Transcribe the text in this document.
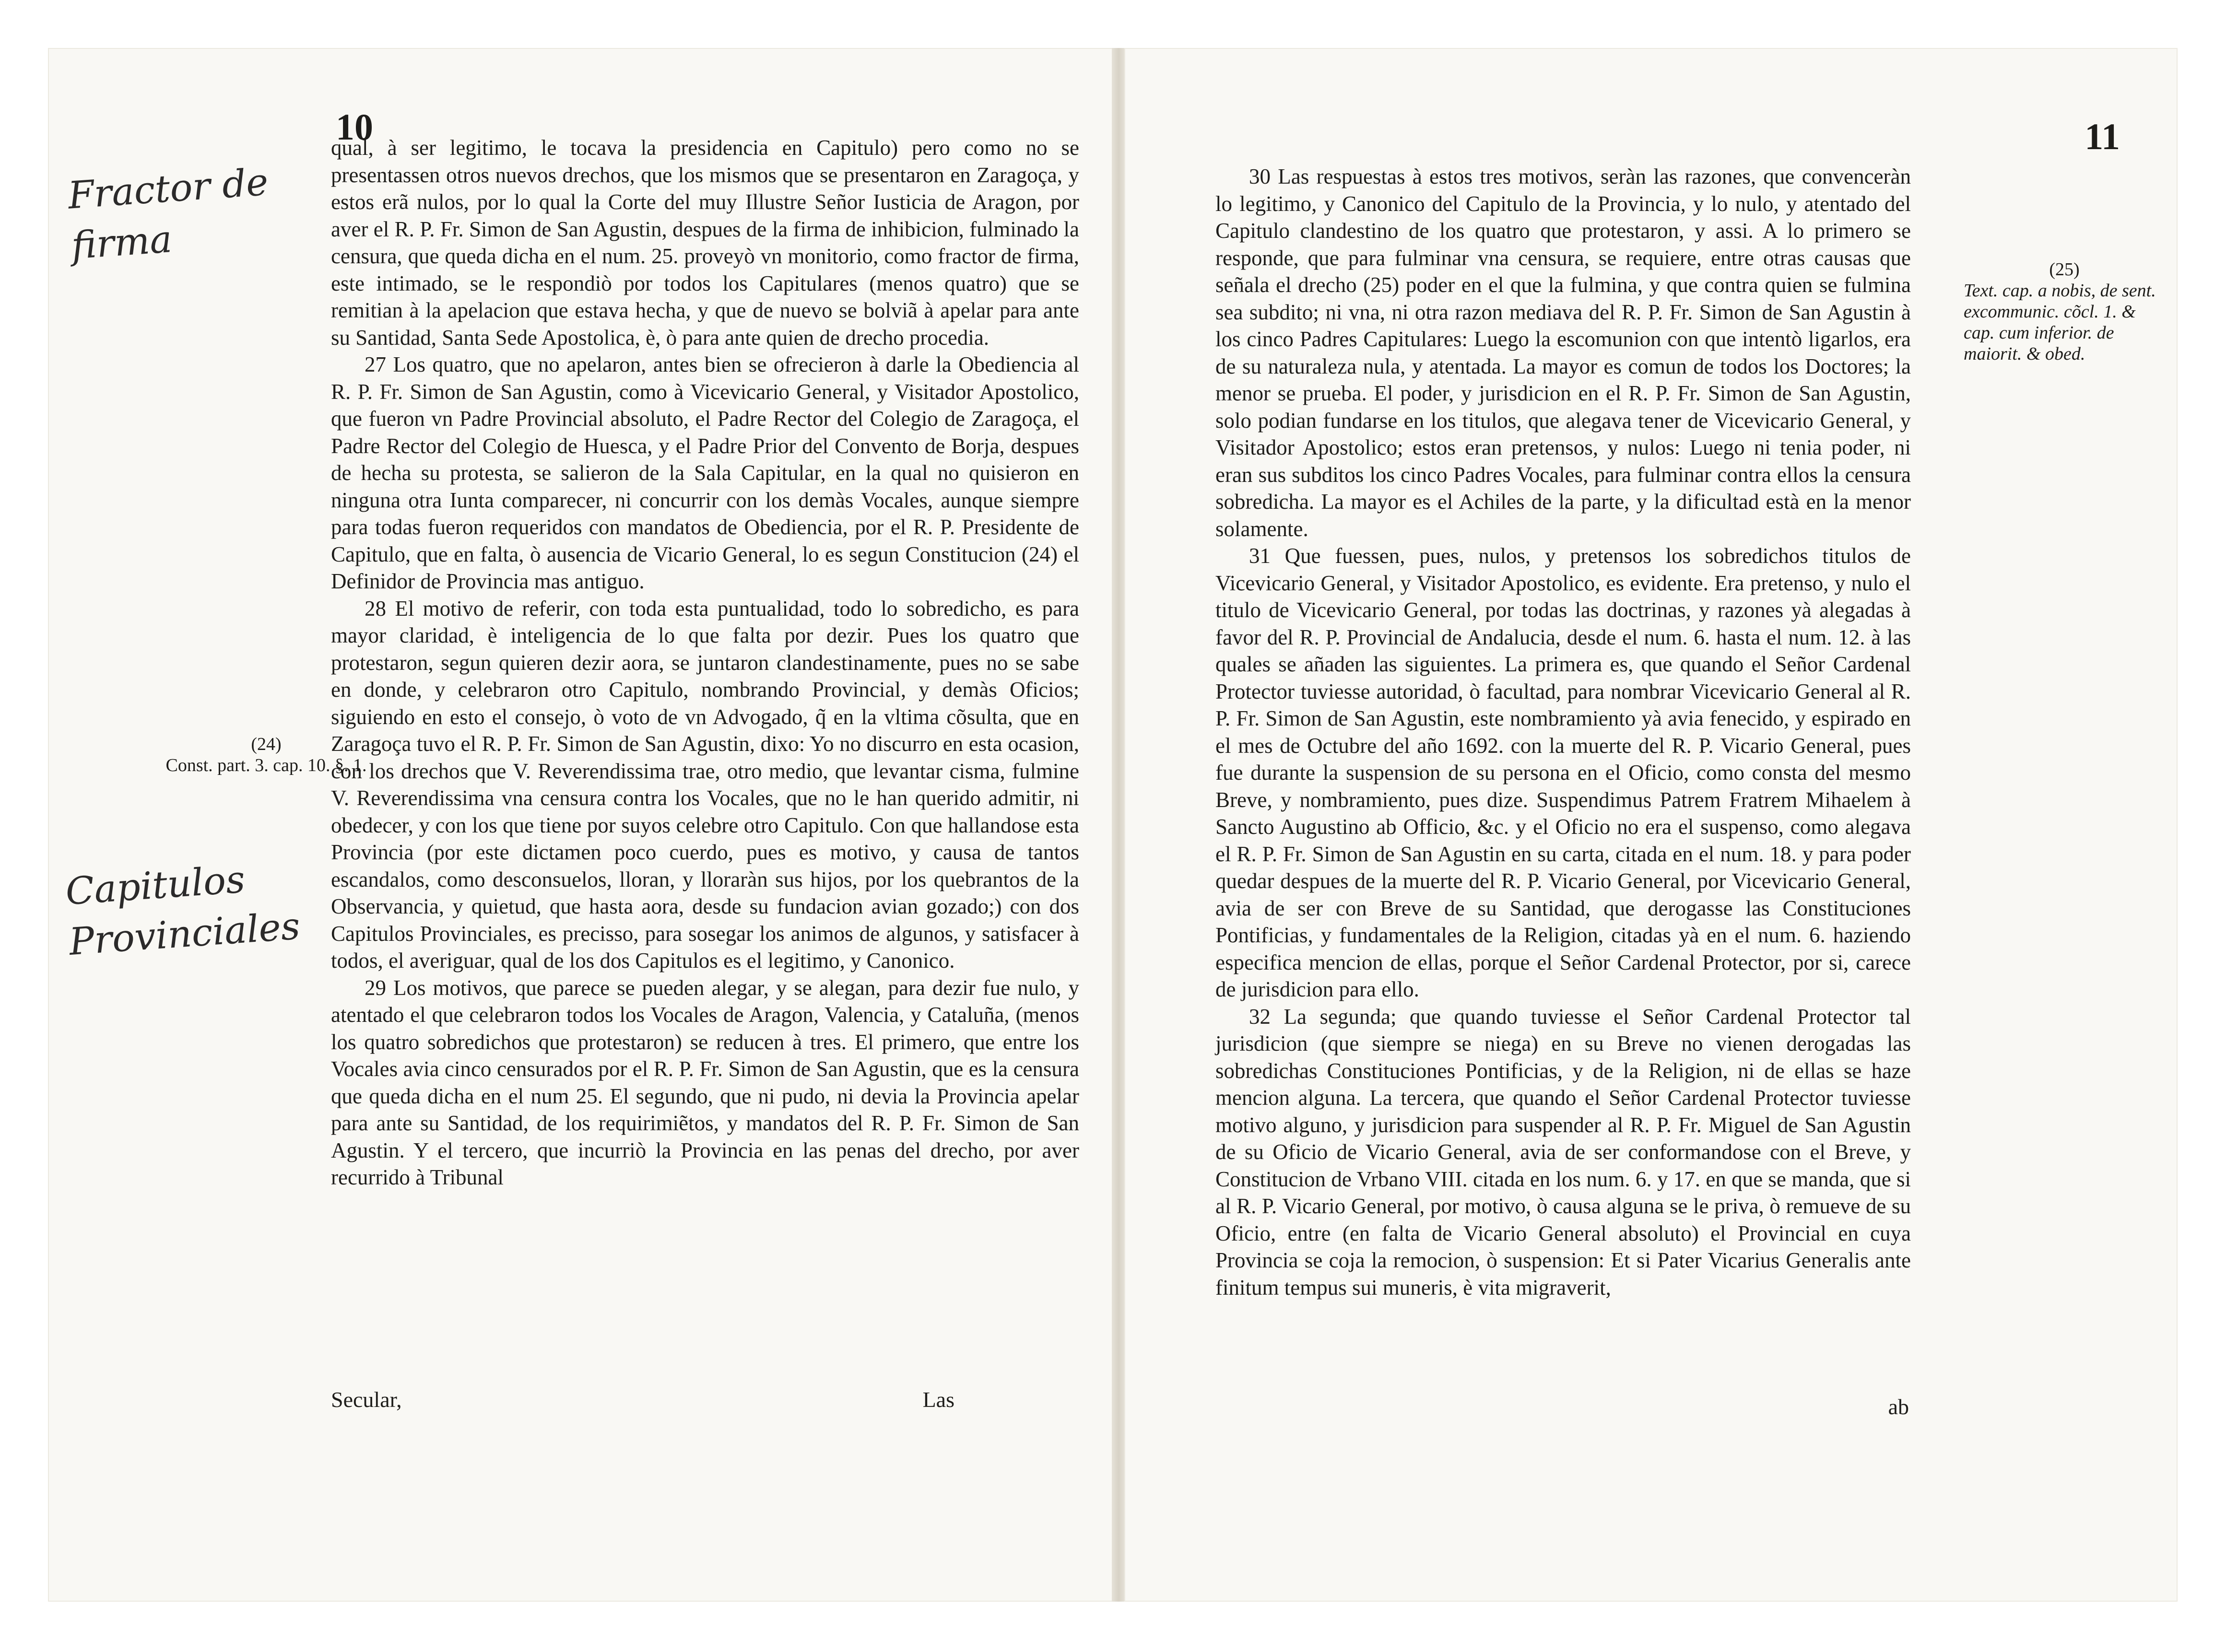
10
Fractor de firma
Capitulos Provinciales
(24)
Const. part. 3. cap. 10. §. 1.

qual, à ser legitimo, le tocava la presidencia en Capitulo) pero como no se presentassen otros nuevos drechos, que los mismos que se presentaron en Zaragoça, y estos erã nulos, por lo qual la Corte del muy Illustre Señor Iusticia de Aragon, por aver el R. P. Fr. Simon de San Agustin, despues de la firma de inhibicion, fulminado la censura, que queda dicha en el num. 25. proveyò vn monitorio, como fractor de firma, este intimado, se le respondiò por todos los Capitulares (menos quatro) que se remitian à la apelacion que estava hecha, y que de nuevo se bolviã à apelar para ante su Santidad, Santa Sede Apostolica, è, ò para ante quien de drecho procedia.

27 Los quatro, que no apelaron, antes bien se ofrecieron à darle la Obediencia al R. P. Fr. Simon de San Agustin, como à Vicevicario General, y Visitador Apostolico, que fueron vn Padre Provincial absoluto, el Padre Rector del Colegio de Zaragoça, el Padre Rector del Colegio de Huesca, y el Padre Prior del Convento de Borja, despues de hecha su protesta, se salieron de la Sala Capitular, en la qual no quisieron en ninguna otra Iunta comparecer, ni concurrir con los demàs Vocales, aunque siempre para todas fueron requeridos con mandatos de Obediencia, por el R. P. Presidente de Capitulo, que en falta, ò ausencia de Vicario General, lo es segun Constitucion (24) el Definidor de Provincia mas antiguo.

28 El motivo de referir, con toda esta puntualidad, todo lo sobredicho, es para mayor claridad, è inteligencia de lo que falta por dezir. Pues los quatro que protestaron, segun quieren dezir aora, se juntaron clandestinamente, pues no se sabe en donde, y celebraron otro Capitulo, nombrando Provincial, y demàs Oficios; siguiendo en esto el consejo, ò voto de vn Advogado, q̃ en la vltima cõsulta, que en Zaragoça tuvo el R. P. Fr. Simon de San Agustin, dixo: Yo no discurro en esta ocasion, con los drechos que V. Reverendissima trae, otro medio, que levantar cisma, fulmine V. Reverendissima vna censura contra los Vocales, que no le han querido admitir, ni obedecer, y con los que tiene por suyos celebre otro Capitulo. Con que hallandose esta Provincia (por este dictamen poco cuerdo, pues es motivo, y causa de tantos escandalos, como desconsuelos, lloran, y lloraràn sus hijos, por los quebrantos de la Observancia, y quietud, que hasta aora, desde su fundacion avian gozado;) con dos Capitulos Provinciales, es precisso, para sosegar los animos de algunos, y satisfacer à todos, el averiguar, qual de los dos Capitulos es el legitimo, y Canonico.

29 Los motivos, que parece se pueden alegar, y se alegan, para dezir fue nulo, y atentado el que celebraron todos los Vocales de Aragon, Valencia, y Cataluña, (menos los quatro sobredichos que protestaron) se reducen à tres. El primero, que entre los Vocales avia cinco censurados por el R. P. Fr. Simon de San Agustin, que es la censura que queda dicha en el num 25. El segundo, que ni pudo, ni devia la Provincia apelar para ante su Santidad, de los requirimiẽtos, y mandatos del R. P. Fr. Simon de San Agustin. Y el tercero, que incurriò la Provincia en las penas del drecho, por aver recurrido à Tribunal

Secular,	Las
11
(25)
Text. cap. a nobis, de sent. excommunic. cõcl. 1. & cap. cum inferior. de maiorit. & obed.

30 Las respuestas à estos tres motivos, seràn las razones, que convenceràn lo legitimo, y Canonico del Capitulo de la Provincia, y lo nulo, y atentado del Capitulo clandestino de los quatro que protestaron, y assi. A lo primero se responde, que para fulminar vna censura, se requiere, entre otras causas que señala el drecho (25) poder en el que la fulmina, y que contra quien se fulmina sea subdito; ni vna, ni otra razon mediava del R. P. Fr. Simon de San Agustin à los cinco Padres Capitulares: Luego la escomunion con que intentò ligarlos, era de su naturaleza nula, y atentada. La mayor es comun de todos los Doctores; la menor se prueba. El poder, y jurisdicion en el R. P. Fr. Simon de San Agustin, solo podian fundarse en los titulos, que alegava tener de Vicevicario General, y Visitador Apostolico; estos eran pretensos, y nulos: Luego ni tenia poder, ni eran sus subditos los cinco Padres Vocales, para fulminar contra ellos la censura sobredicha. La mayor es el Achiles de la parte, y la dificultad està en la menor solamente.

31 Que fuessen, pues, nulos, y pretensos los sobredichos titulos de Vicevicario General, y Visitador Apostolico, es evidente. Era pretenso, y nulo el titulo de Vicevicario General, por todas las doctrinas, y razones yà alegadas à favor del R. P. Provincial de Andalucia, desde el num. 6. hasta el num. 12. à las quales se añaden las siguientes. La primera es, que quando el Señor Cardenal Protector tuviesse autoridad, ò facultad, para nombrar Vicevicario General al R. P. Fr. Simon de San Agustin, este nombramiento yà avia fenecido, y espirado en el mes de Octubre del año 1692. con la muerte del R. P. Vicario General, pues fue durante la suspension de su persona en el Oficio, como consta del mesmo Breve, y nombramiento, pues dize. Suspendimus Patrem Fratrem Mihaelem à Sancto Augustino ab Officio, &c. y el Oficio no era el suspenso, como alegava el R. P. Fr. Simon de San Agustin en su carta, citada en el num. 18. y para poder quedar despues de la muerte del R. P. Vicario General, por Vicevicario General, avia de ser con Breve de su Santidad, que derogasse las Constituciones Pontificias, y fundamentales de la Religion, citadas yà en el num. 6. haziendo especifica mencion de ellas, porque el Señor Cardenal Protector, por si, carece de jurisdicion para ello.

32 La segunda; que quando tuviesse el Señor Cardenal Protector tal jurisdicion (que siempre se niega) en su Breve no vienen derogadas las sobredichas Constituciones Pontificias, y de la Religion, ni de ellas se haze mencion alguna. La tercera, que quando el Señor Cardenal Protector tuviesse motivo alguno, y jurisdicion para suspender al R. P. Fr. Miguel de San Agustin de su Oficio de Vicario General, avia de ser conformandose con el Breve, y Constitucion de Vrbano VIII. citada en los num. 6. y 17. en que se manda, que si al R. P. Vicario General, por motivo, ò causa alguna se le priva, ò remueve de su Oficio, entre (en falta de Vicario General absoluto) el Provincial en cuya Provincia se coja la remocion, ò suspension: Et si Pater Vicarius Generalis ante finitum tempus sui muneris, è vita migraverit,

ab
